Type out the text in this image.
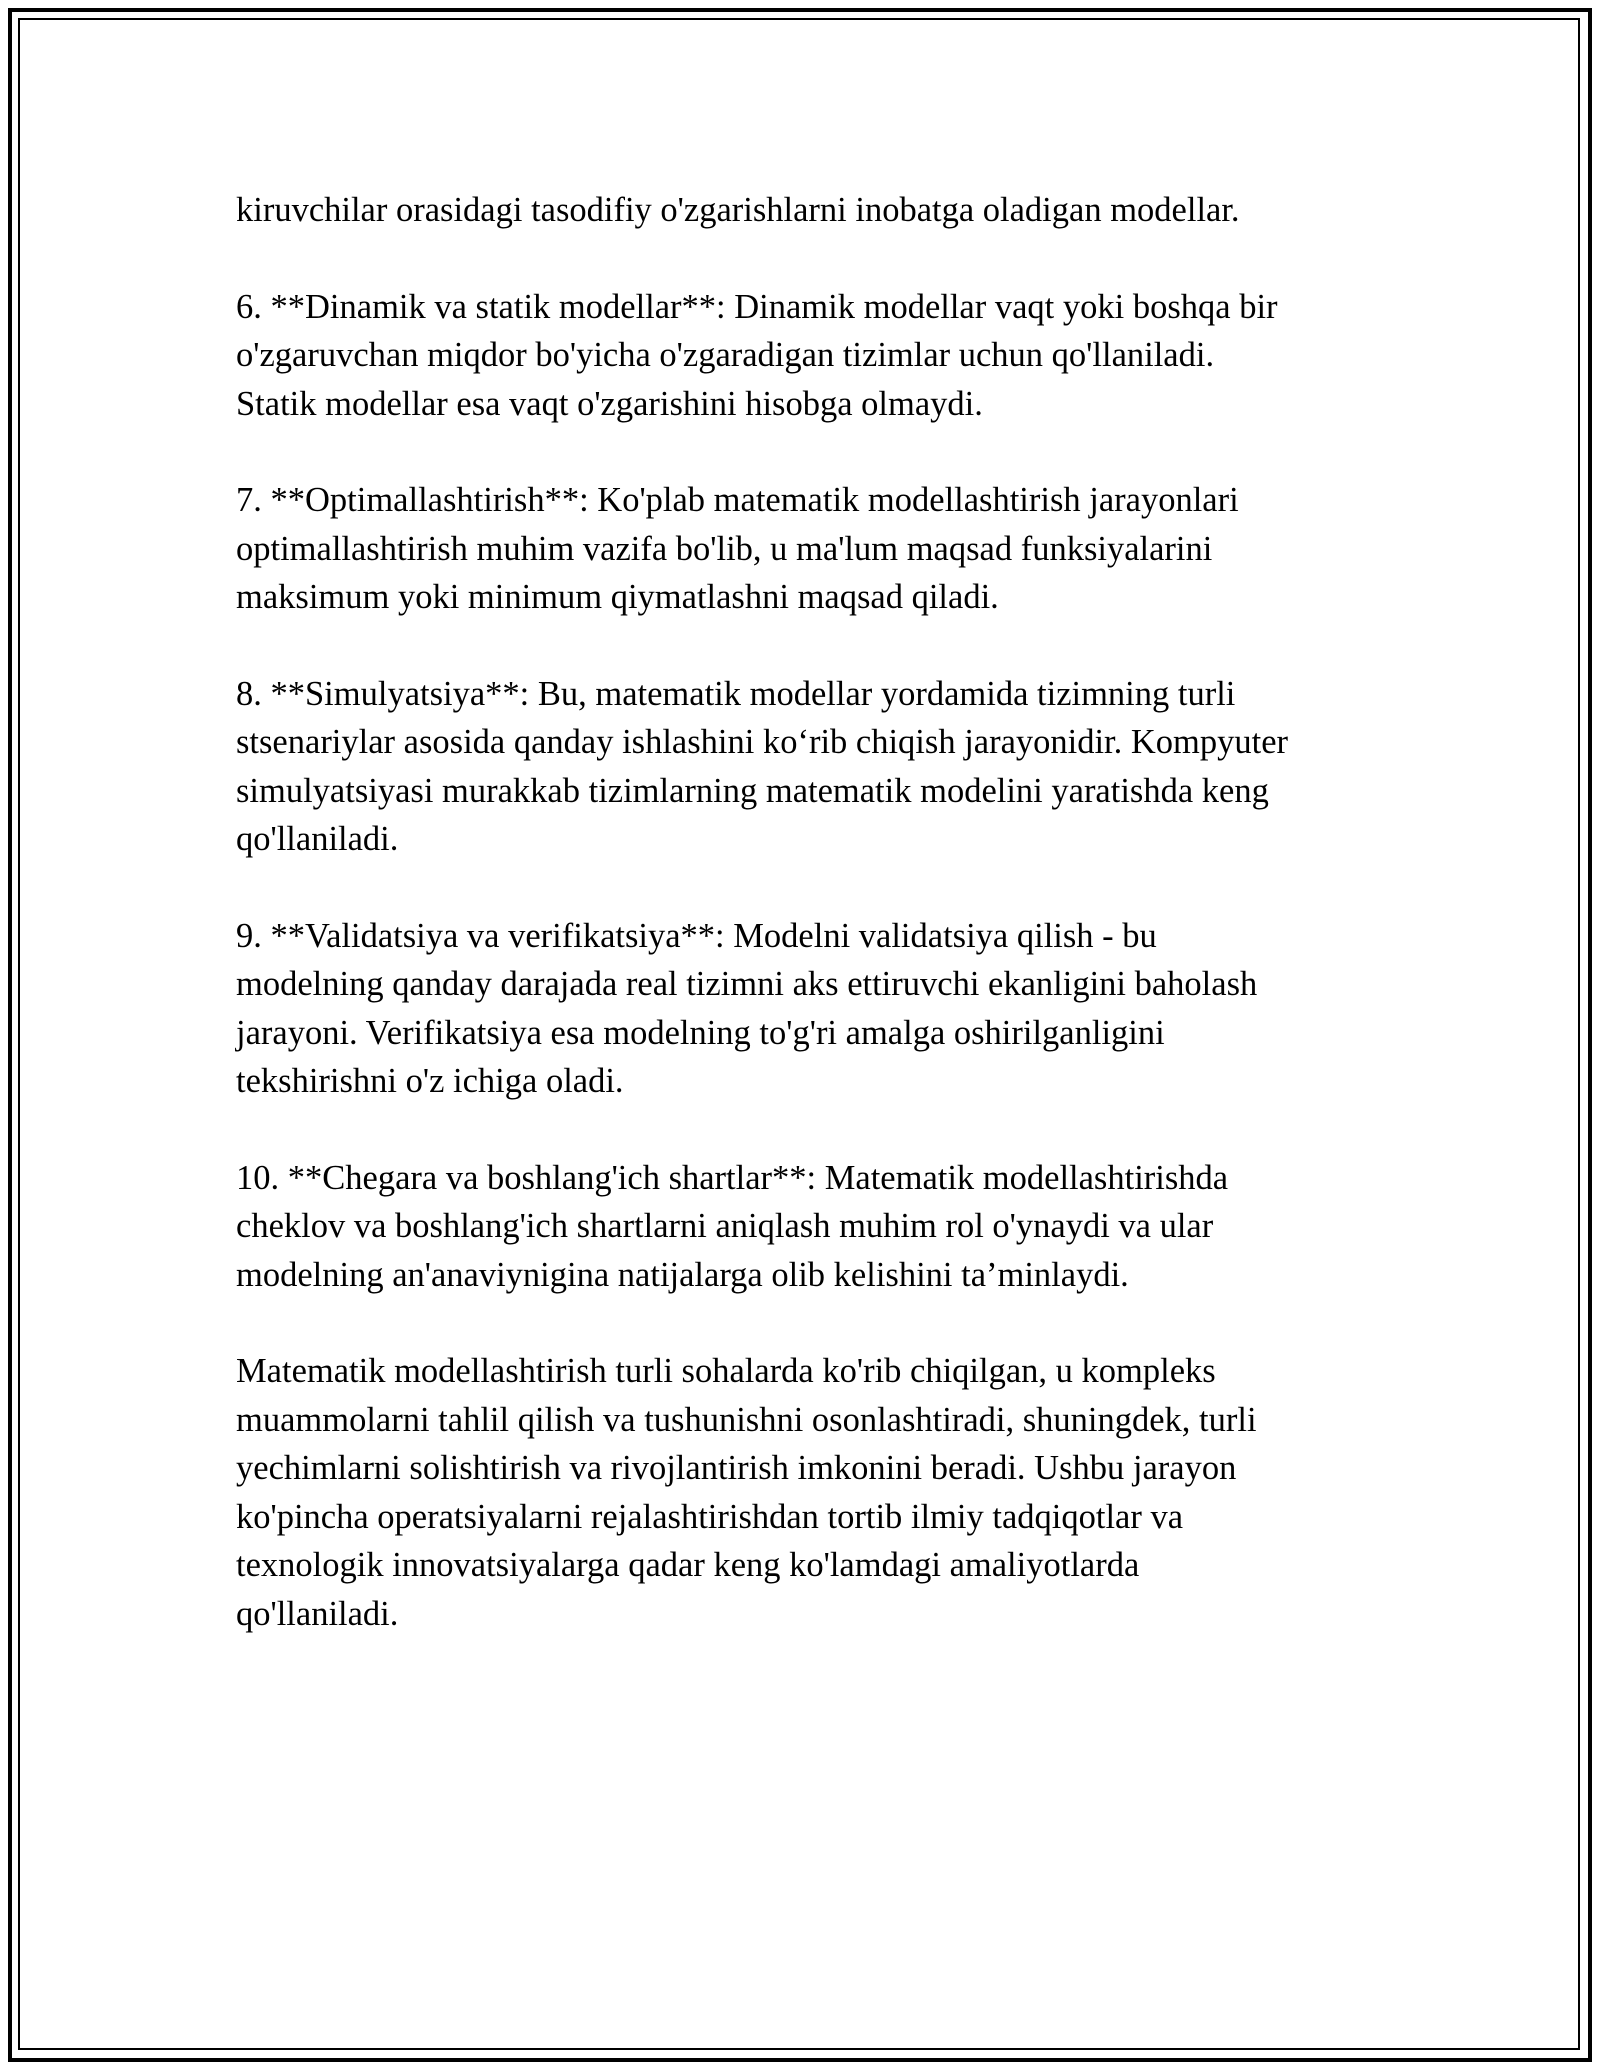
kiruvchilar orasidagi tasodifiy o'zgarishlarni inobatga oladigan modellar.

6. **Dinamik va statik modellar**: Dinamik modellar vaqt yoki boshqa bir
o'zgaruvchan miqdor bo'yicha o'zgaradigan tizimlar uchun qo'llaniladi.
Statik modellar esa vaqt o'zgarishini hisobga olmaydi.

7. **Optimallashtirish**: Ko'plab matematik modellashtirish jarayonlari
optimallashtirish muhim vazifa bo'lib, u ma'lum maqsad funksiyalarini
maksimum yoki minimum qiymatlashni maqsad qiladi.

8. **Simulyatsiya**: Bu, matematik modellar yordamida tizimning turli
stsenariylar asosida qanday ishlashini ko‘rib chiqish jarayonidir. Kompyuter
simulyatsiyasi murakkab tizimlarning matematik modelini yaratishda keng
qo'llaniladi.

9. **Validatsiya va verifikatsiya**: Modelni validatsiya qilish - bu
modelning qanday darajada real tizimni aks ettiruvchi ekanligini baholash
jarayoni. Verifikatsiya esa modelning to'g'ri amalga oshirilganligini
tekshirishni o'z ichiga oladi.

10. **Chegara va boshlang'ich shartlar**: Matematik modellashtirishda
cheklov va boshlang'ich shartlarni aniqlash muhim rol o'ynaydi va ular
modelning an'anaviynigina natijalarga olib kelishini ta’minlaydi.

Matematik modellashtirish turli sohalarda ko'rib chiqilgan, u kompleks
muammolarni tahlil qilish va tushunishni osonlashtiradi, shuningdek, turli
yechimlarni solishtirish va rivojlantirish imkonini beradi. Ushbu jarayon
ko'pincha operatsiyalarni rejalashtirishdan tortib ilmiy tadqiqotlar va
texnologik innovatsiyalarga qadar keng ko'lamdagi amaliyotlarda
qo'llaniladi.
